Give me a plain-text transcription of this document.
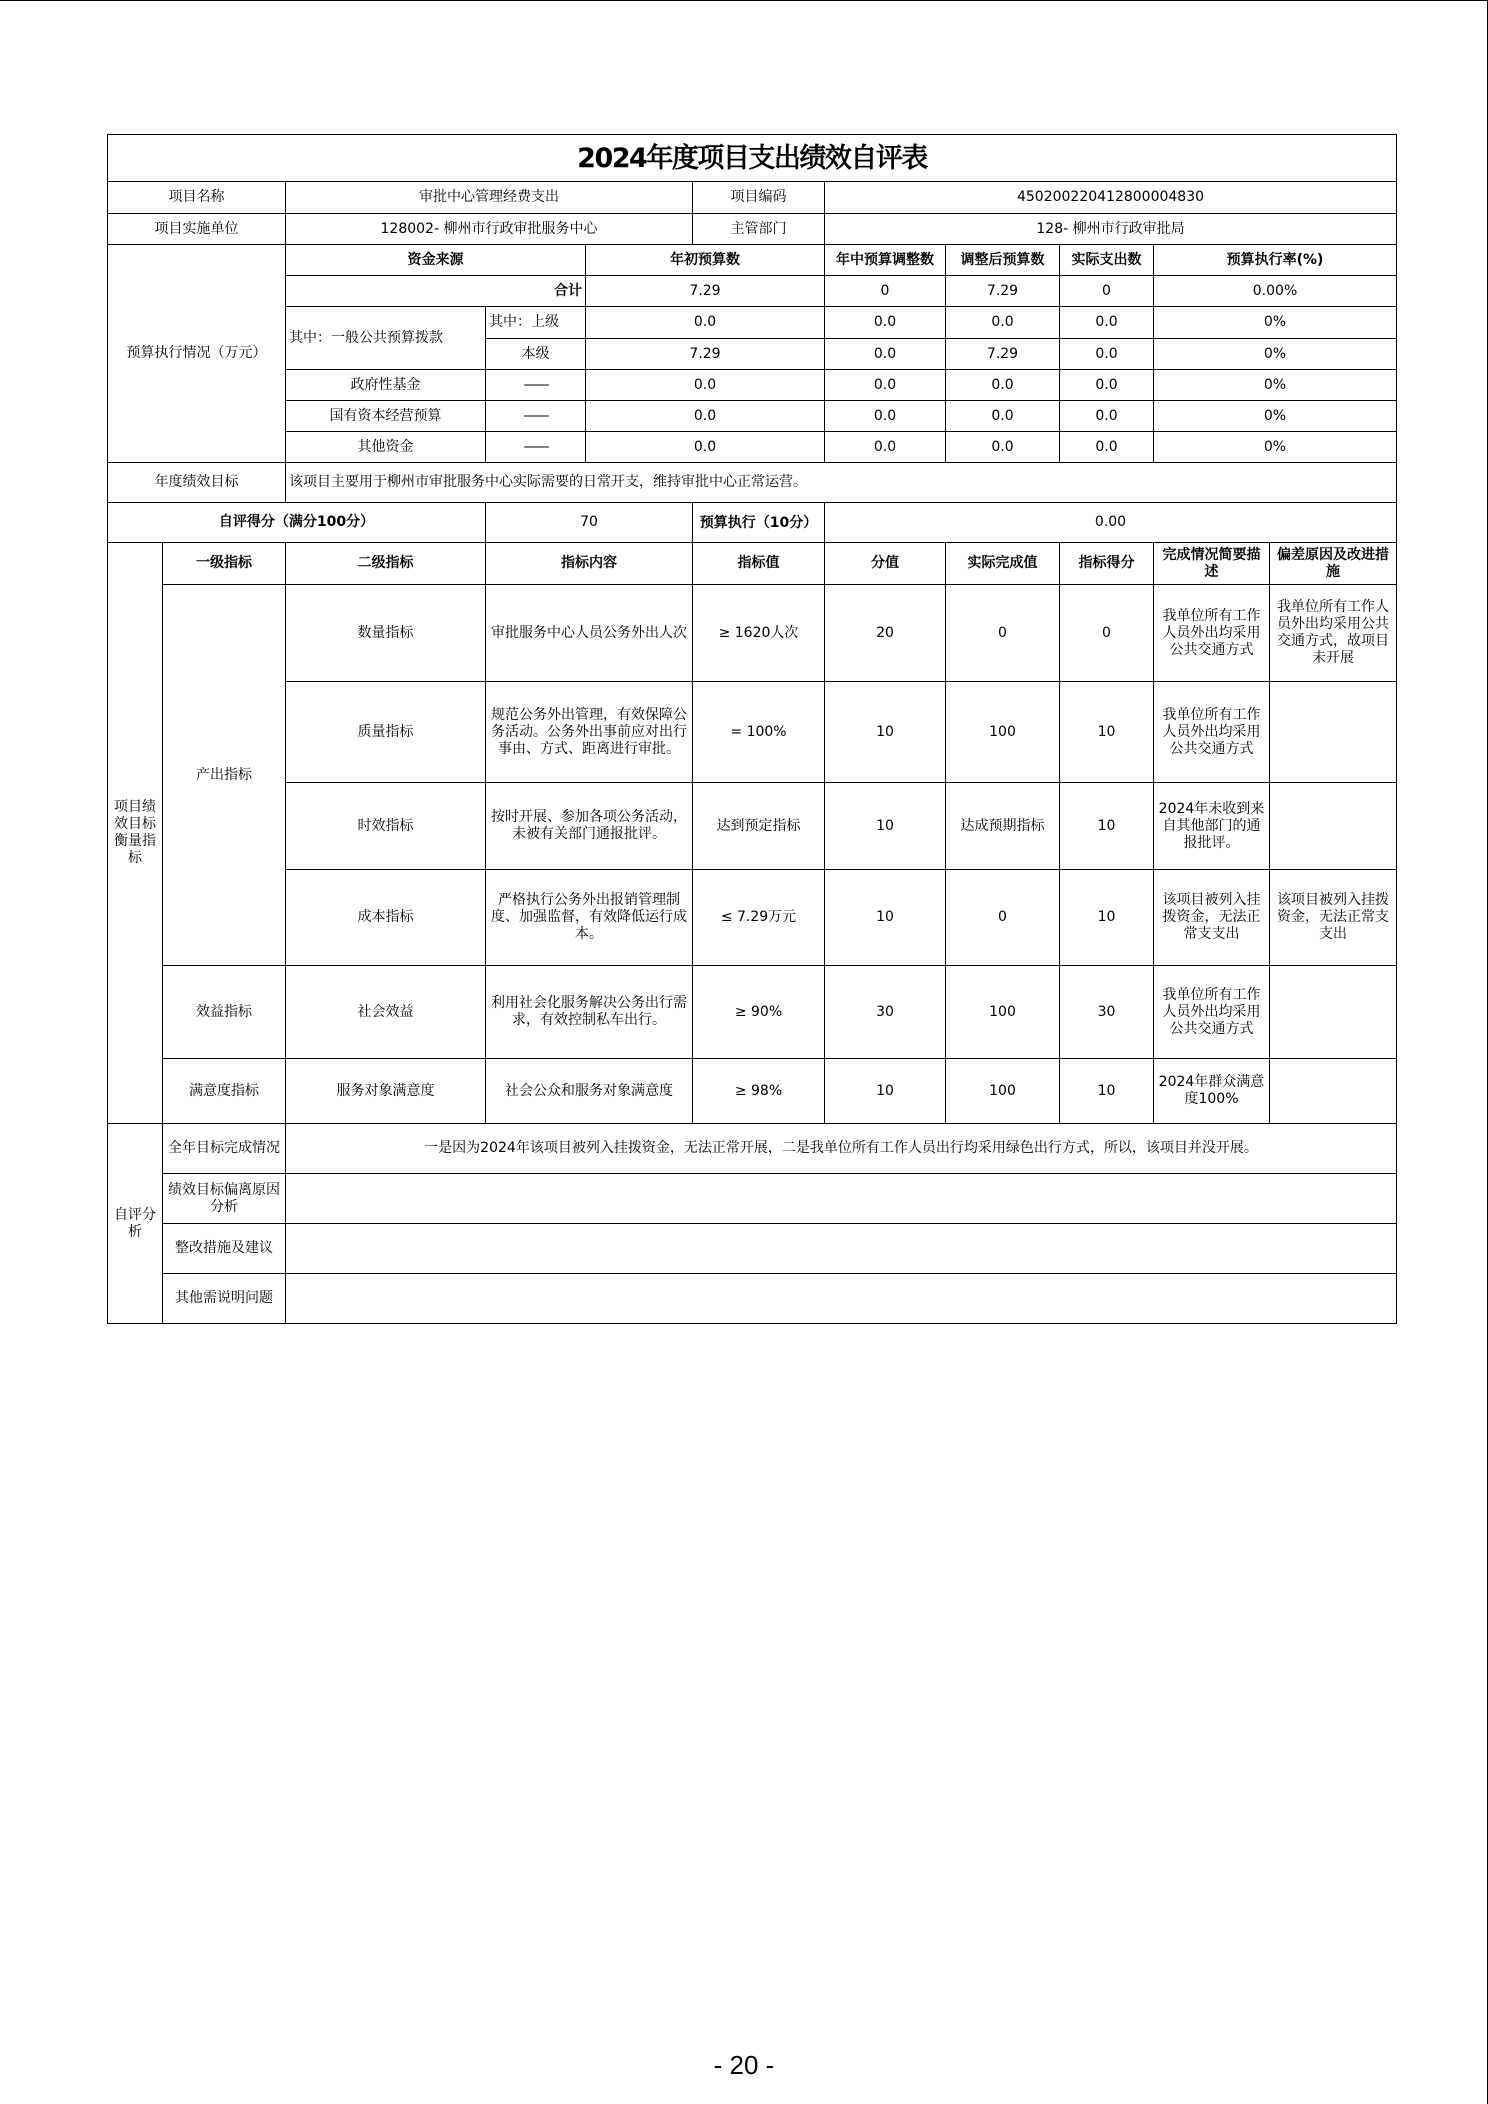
2024年度项目支出绩效自评表										
项目名称		审批中心管理经费支出			项目编码	450200220412800004830				
项目实施单位		128002- 柳州市行政审批服务中心			主管部门	128- 柳州市行政审批局				
预算执行情况（万元）		资金来源		年初预算数		年中预算调整数	调整后预算数	实际支出数	预算执行率(%)	
		合计		7.29		0	7.29	0	0.00%	
		其中：一般公共预算拨款	其中：上级	0.0		0.0	0.0	0.0	0%	
			本级	7.29		0.0	7.29	0.0	0%	
		政府性基金	——	0.0		0.0	0.0	0.0	0%	
		国有资本经营预算	——	0.0		0.0	0.0	0.0	0%	
		其他资金	——	0.0		0.0	0.0	0.0	0%	
年度绩效目标		该项目主要用于柳州市审批服务中心实际需要的日常开支，维持审批中心正常运营。								
自评得分（满分100分）			70		预算执行（10分）	0.00				
项目绩效目标衡量指标	一级指标	二级指标	指标内容		指标值	分值	实际完成值	指标得分	完成情况简要描述	偏差原因及改进措施
	产出指标	数量指标	审批服务中心人员公务外出人次		≥ 1620人次	20	0	0	我单位所有工作人员外出均采用公共交通方式	我单位所有工作人员外出均采用公共交通方式，故项目未开展
		质量指标	规范公务外出管理，有效保障公务活动。公务外出事前应对出行事由、方式、距离进行审批。		= 100%	10	100	10	我单位所有工作人员外出均采用公共交通方式	
		时效指标	按时开展、参加各项公务活动，未被有关部门通报批评。		达到预定指标	10	达成预期指标	10	2024年未收到来自其他部门的通报批评。	
		成本指标	严格执行公务外出报销管理制度、加强监督，有效降低运行成本。		≤ 7.29万元	10	0	10	该项目被列入挂拨资金，无法正常支支出	该项目被列入挂拨资金，无法正常支支出
	效益指标	社会效益	利用社会化服务解决公务出行需求，有效控制私车出行。		≥ 90%	30	100	30	我单位所有工作人员外出均采用公共交通方式	
	满意度指标	服务对象满意度	社会公众和服务对象满意度		≥ 98%	10	100	10	2024年群众满意度100%	
自评分析	全年目标完成情况	一是因为2024年该项目被列入挂拨资金，无法正常开展，二是我单位所有工作人员出行均采用绿色出行方式，所以，该项目并没开展。								
	绩效目标偏离原因分析									
	整改措施及建议									
	其他需说明问题									
- 20 -
